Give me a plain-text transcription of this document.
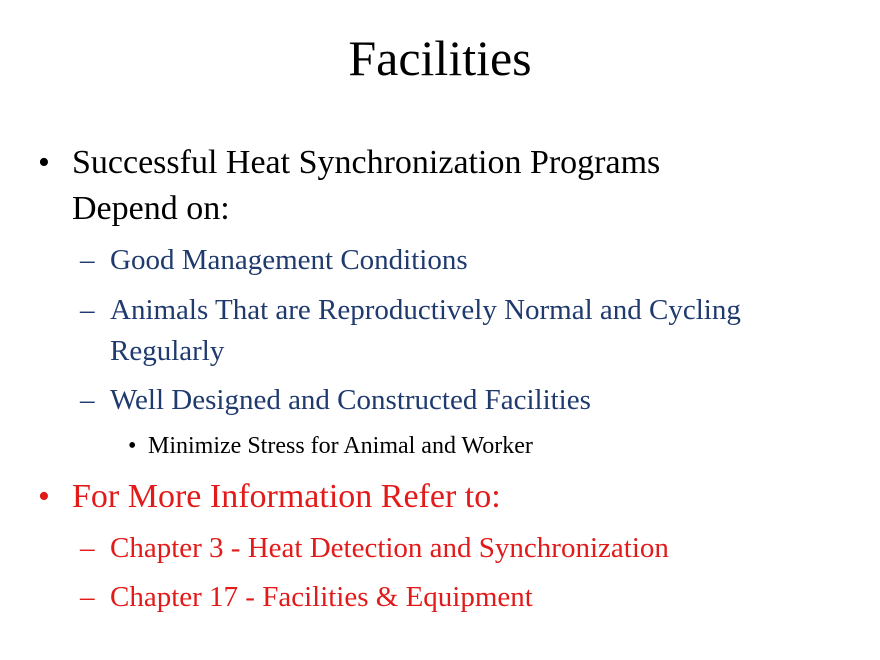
Facilities
• Successful Heat Synchronization Programs
Depend on:
– Good Management Conditions
– Animals That are Reproductively Normal and Cycling
Regularly
– Well Designed and Constructed Facilities
• Minimize Stress for Animal and Worker
• For More Information Refer to:
– Chapter 3 - Heat Detection and Synchronization
– Chapter 17 - Facilities & Equipment
